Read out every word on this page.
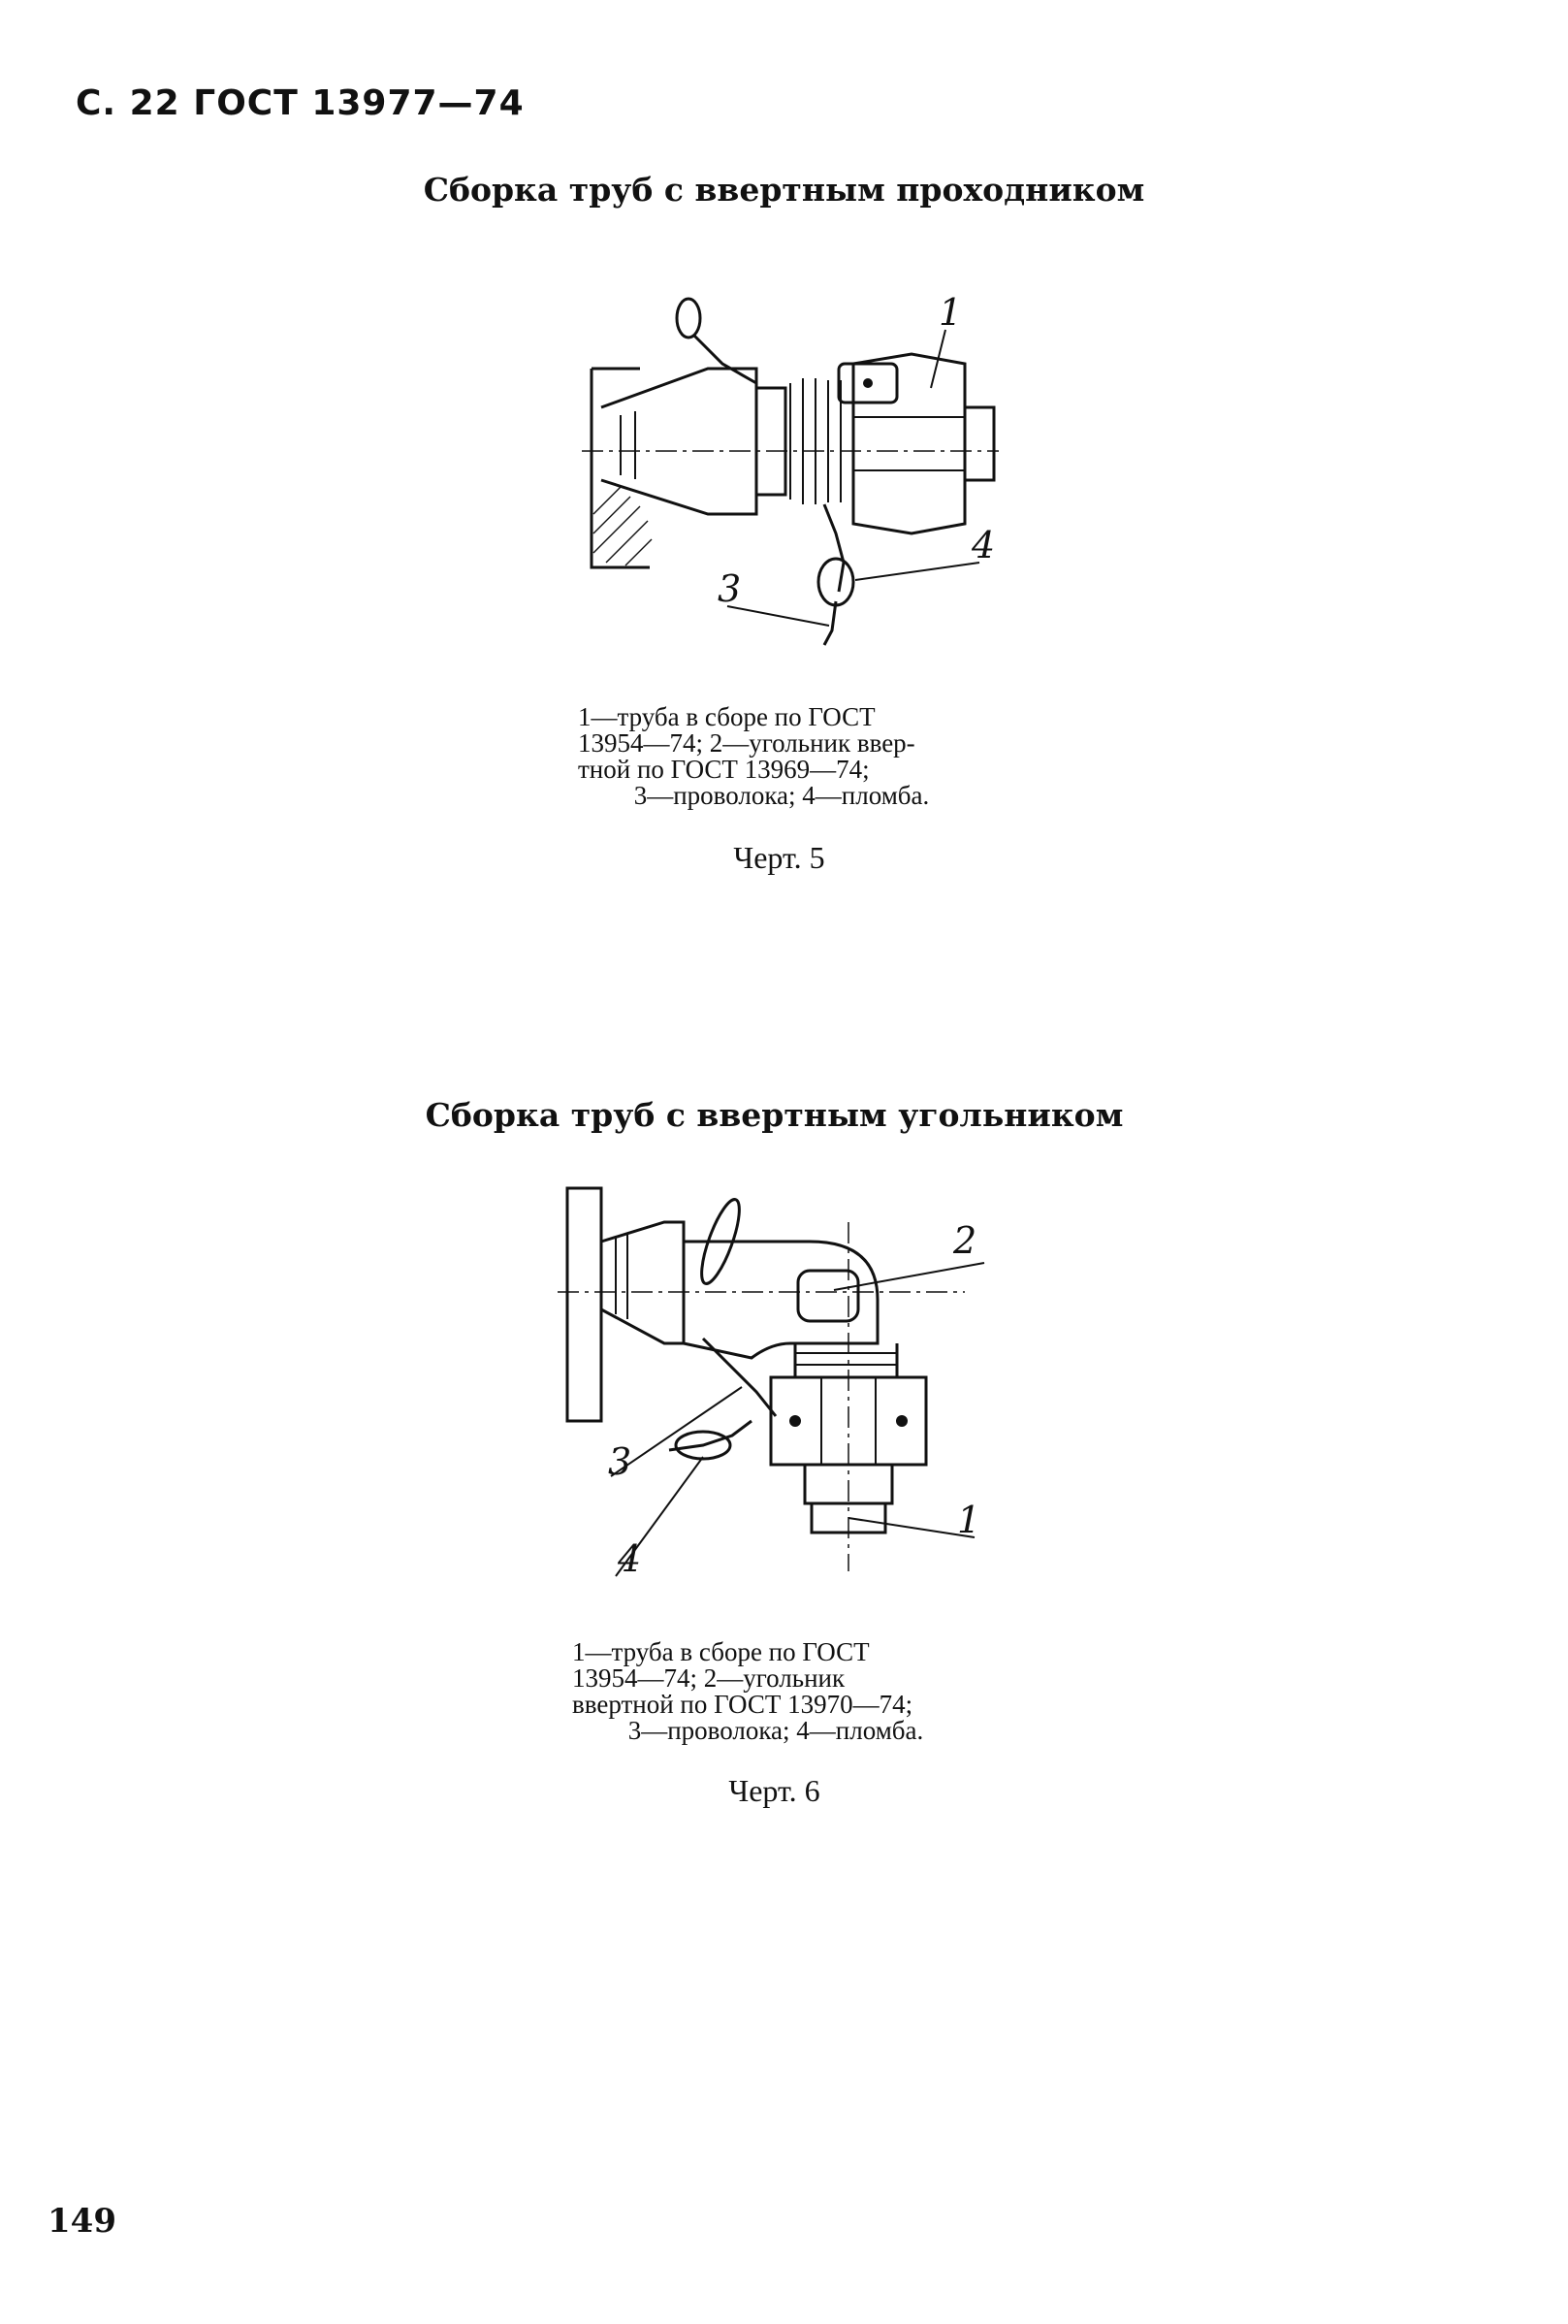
С. 22 ГОСТ 13977—74
Сборка труб с ввертным проходником
1
3
4
1—труба в сборе по ГОСТ
13954—74; 2—угольник ввер-
тной по ГОСТ 13969—74;
3—проволока; 4—пломба.
Черт. 5
Сборка труб с ввертным угольником
2
3
4
1
1—труба в сборе по ГОСТ
13954—74; 2—угольник
ввертной по ГОСТ 13970—74;
3—проволока; 4—пломба.
Черт. 6
149
